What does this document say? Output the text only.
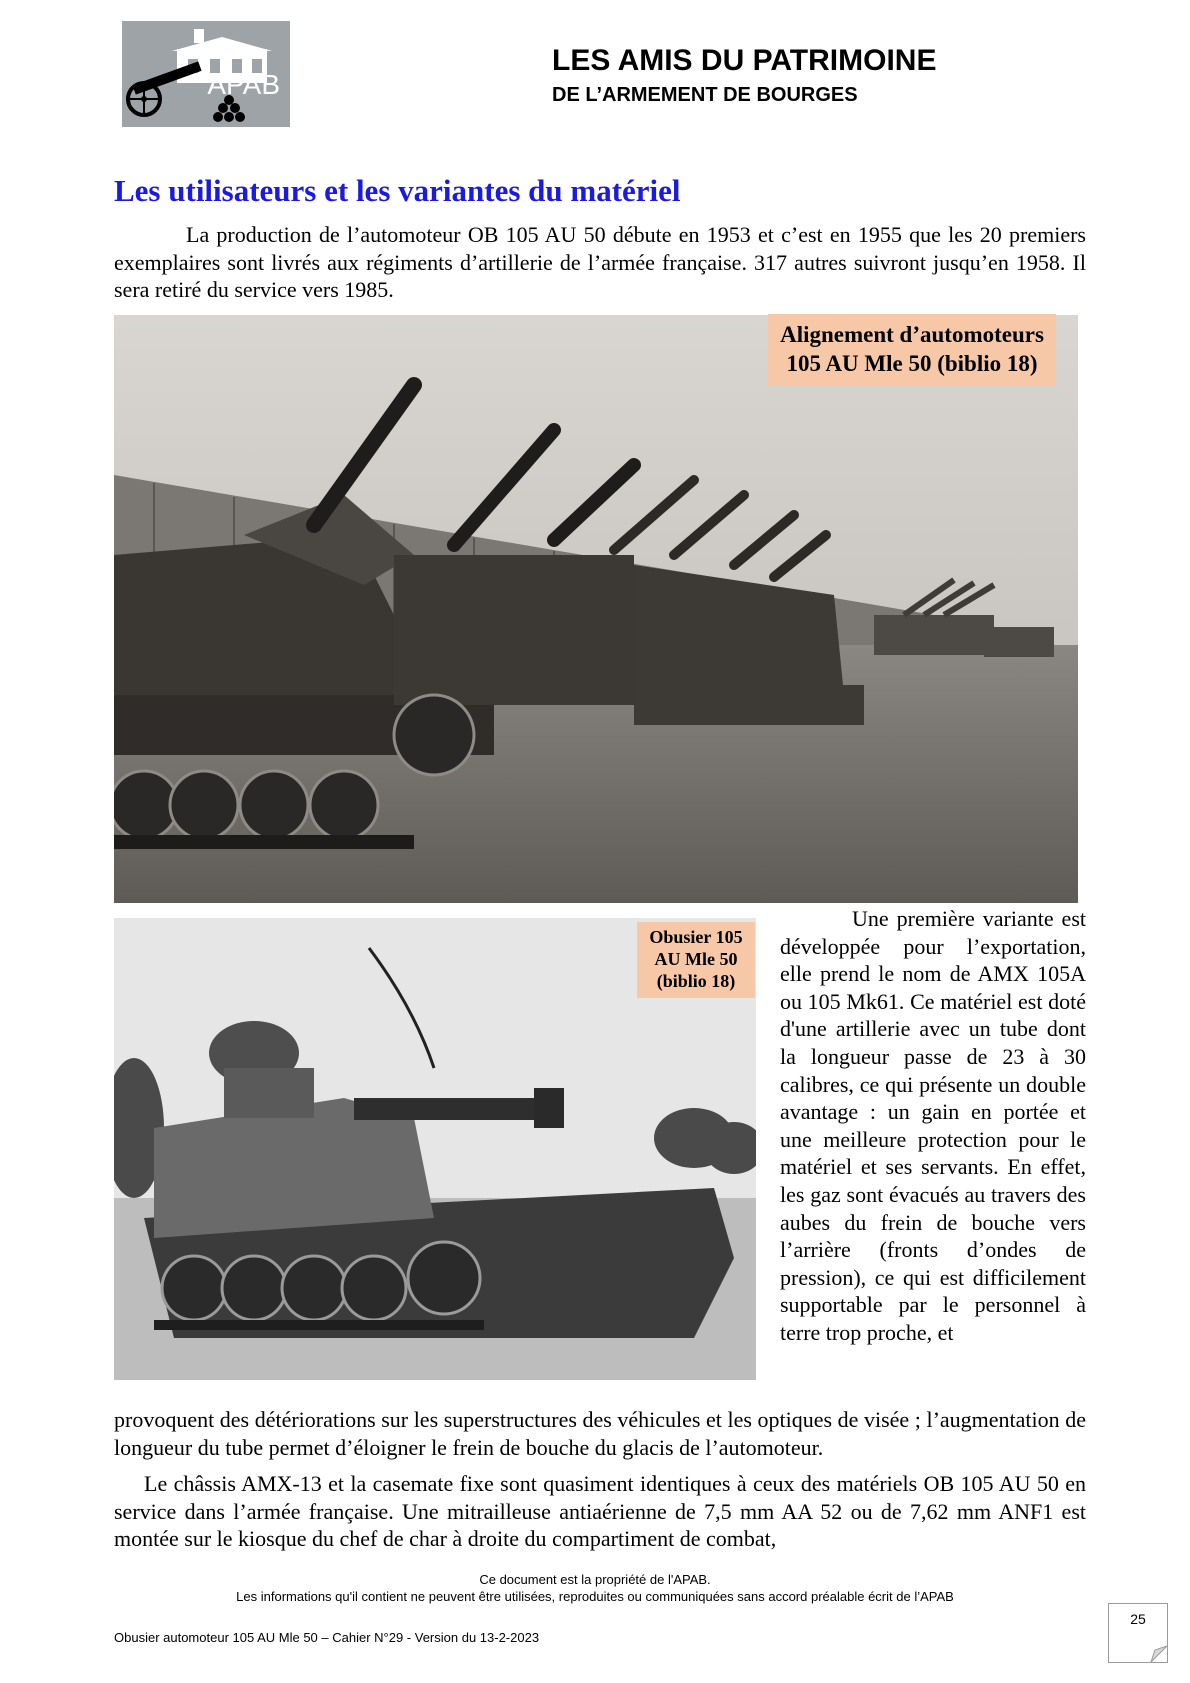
APAB
LES AMIS DU PATRIMOINE
DE L’ARMEMENT DE BOURGES
Les utilisateurs et les variantes du matériel
La production de l’automoteur OB 105 AU 50 débute en 1953 et c’est en 1955 que les 20 premiers exemplaires sont livrés aux régiments d’artillerie de l’armée française. 317 autres suivront jusqu’en 1958. Il sera retiré du service vers 1985.
Alignement d’automoteurs
105 AU Mle 50 (biblio 18)
Obusier 105
AU Mle 50
(biblio 18)
Une première variante est développée pour l’exportation, elle prend le nom de AMX 105A ou 105 Mk61. Ce matériel est doté d'une artillerie avec un tube dont la longueur passe de 23 à 30 calibres, ce qui présente un double avantage : un gain en portée et une meilleure protection pour le matériel et ses servants. En effet, les gaz sont évacués au travers des aubes du frein de bouche vers l’arrière (fronts d’ondes de pression), ce qui est difficilement supportable par le personnel à terre trop proche, et
provoquent des détériorations sur les superstructures des véhicules et les optiques de visée ; l’augmentation de longueur du tube permet d’éloigner le frein de bouche du glacis de l’automoteur.
Le châssis AMX-13 et la casemate fixe sont quasiment identiques à ceux des matériels OB 105 AU 50 en service dans l’armée française. Une mitrailleuse antiaérienne de 7,5 mm AA 52 ou de 7,62 mm ANF1 est montée sur le kiosque du chef de char à droite du compartiment de combat,
Ce document est la propriété de l'APAB.
Les informations qu'il contient ne peuvent être utilisées, reproduites ou communiquées sans accord préalable écrit de l’APAB
Obusier automoteur 105 AU Mle 50 – Cahier N°29 - Version du 13-2-2023
25
